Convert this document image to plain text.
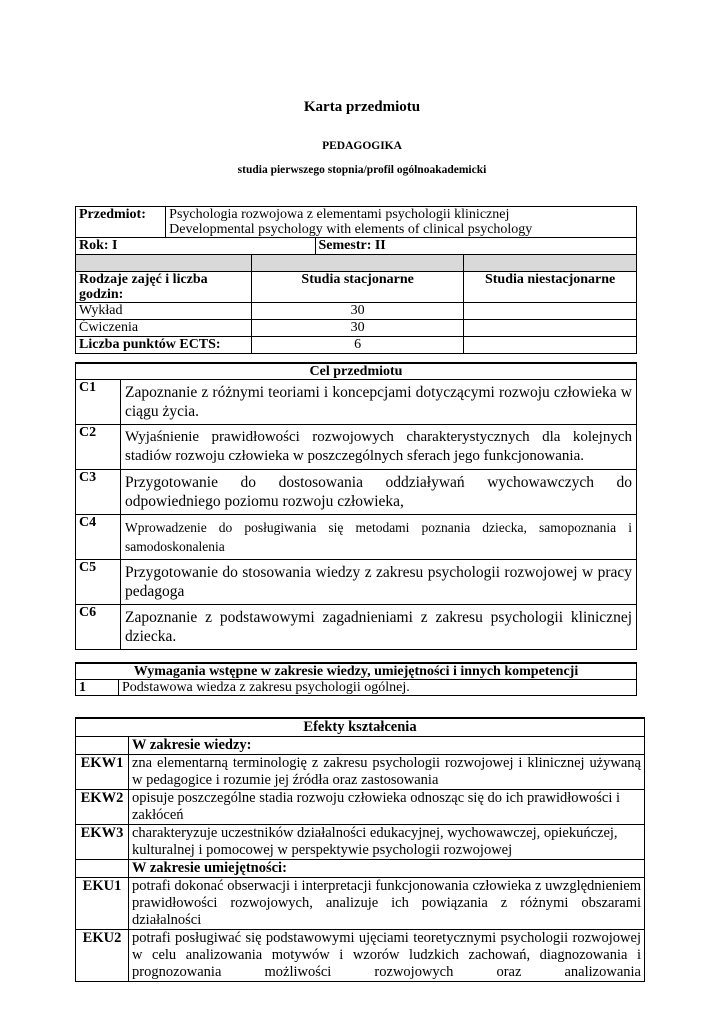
Karta przedmiotu
PEDAGOGIKA
studia pierwszego stopnia/profil ogólnoakademicki
Przedmiot:	Psychologia rozwojowa z elementami psychologii klinicznej
Developmental psychology with elements of clinical psychology			

Rok: I			Semestr: II	

Rodzaje zajęć i liczba godzin:		Studia stacjonarne		Studia niestacjonarne
Wykład		30		
Ćwiczenia		30		
Liczba punktów ECTS:		6		
Cel przedmiotu	
C1	Zapoznanie z różnymi teoriami i koncepcjami dotyczącymi rozwoju człowieka w ciągu życia.
C2	Wyjaśnienie prawidłowości rozwojowych charakterystycznych dla kolejnych stadiów rozwoju człowieka w poszczególnych sferach jego funkcjonowania.
C3	Przygotowanie do dostosowania oddziaływań wychowawczych do odpowiedniego poziomu rozwoju człowieka,
C4	Wprowadzenie do posługiwania się metodami poznania dziecka, samopoznania i samodoskonalenia
C5	Przygotowanie do stosowania wiedzy z zakresu psychologii rozwojowej w pracy pedagoga
C6	Zapoznanie z podstawowymi zagadnieniami z zakresu psychologii klinicznej dziecka.
Wymagania wstępne w zakresie wiedzy, umiejętności i innych kompetencji
1	Podstawowa wiedza z zakresu psychologii ogólnej.
Efekty kształcenia	
	W zakresie wiedzy:
EKW1	zna elementarną terminologię z zakresu psychologii rozwojowej i klinicznej używaną w pedagogice i rozumie jej źródła oraz zastosowania
EKW2	opisuje poszczególne stadia rozwoju człowieka odnosząc się do ich prawidłowości i zakłóceń
EKW3	charakteryzuje uczestników działalności edukacyjnej, wychowawczej, opiekuńczej, kulturalnej i pomocowej w perspektywie psychologii rozwojowej
	W zakresie umiejętności:
EKU1	potrafi dokonać obserwacji i interpretacji funkcjonowania człowieka z uwzględnieniem prawidłowości rozwojowych, analizuje ich powiązania z różnymi obszarami działalności
EKU2	potrafi posługiwać się podstawowymi ujęciami teoretycznymi psychologii rozwojowej w celu analizowania motywów i wzorów ludzkich zachowań, diagnozowania i prognozowania możliwości rozwojowych oraz analizowania
